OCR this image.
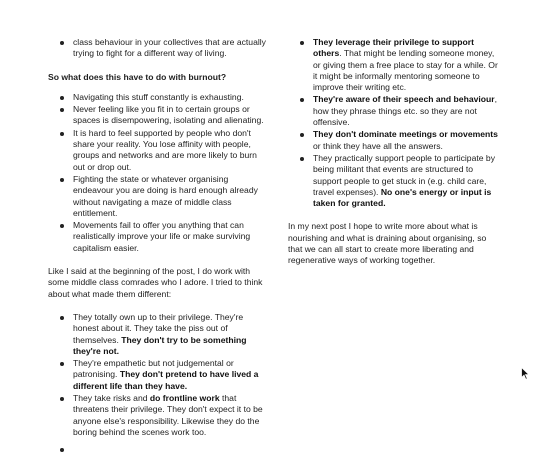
class behaviour in your collectives that are actually trying to fight for a different way of living.
So what does this have to do with burnout?
Navigating this stuff constantly is exhausting.
Never feeling like you fit in to certain groups or spaces is disempowering, isolating and alienating.
It is hard to feel supported by people who don't share your reality. You lose affinity with people, groups and networks and are more likely to burn out or drop out.
Fighting the state or whatever organising endeavour you are doing is hard enough already without navigating a maze of middle class entitlement.
Movements fail to offer you anything that can realistically improve your life or make surviving capitalism easier.

Like I said at the beginning of the post, I do work with some middle class comrades who I adore. I tried to think about what made them different:

They totally own up to their privilege. They're honest about it. They take the piss out of themselves. They don't try to be something they're not.
They're empathetic but not judgemental or patronising. They don't pretend to have lived a different life than they have.
They take risks and do frontline work that threatens their privilege. They don't expect it to be anyone else's responsibility. Likewise they do the boring behind the scenes work too.
They leverage their privilege to support others. That might be lending someone money, or giving them a free place to stay for a while. Or it might be informally mentoring someone to improve their writing etc.
They're aware of their speech and behaviour, how they phrase things etc. so they are not offensive.
They don't dominate meetings or movements or think they have all the answers.
They practically support people to participate by being militant that events are structured to support people to get stuck in (e.g. child care, travel expenses). No one's energy or input is taken for granted.

In my next post I hope to write more about what is nourishing and what is draining about organising, so that we can all start to create more liberating and regenerative ways of working together.
